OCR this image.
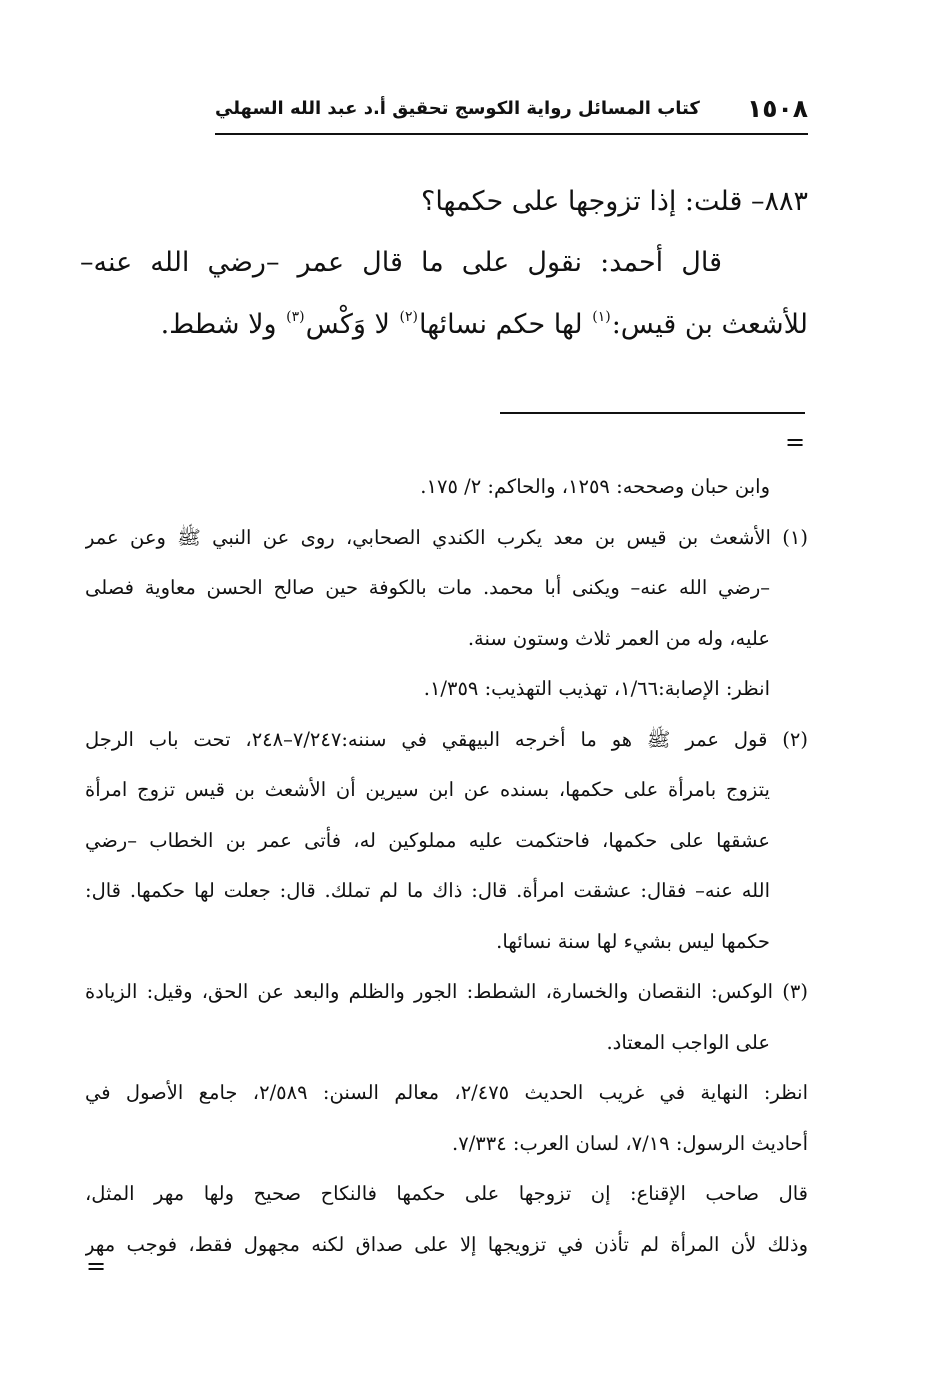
١٥٠٨
كتاب المسائل رواية الكوسج تحقيق أ.د عبد الله السهلي
٨٨٣– قلت: إذا تزوجها على حكمها؟

قال أحمد: نقول على ما قال عمر –رضي الله عنه– للأشعث بن قيس:$^{(١)}$ لها حكم نسائها$^{(٢)}$ لا وَكْس$^{(٣)}$ ولا شطط.

=
وابن حبان وصححه: ١٢٥٩، والحاكم: ٢/ ١٧٥.
(١) الأشعث بن قيس بن معد يكرب الكندي الصحابي، روى عن النبي ﷺ وعن عمر
–رضي الله عنه– ويكنى أبا محمد. مات بالكوفة حين صالح الحسن معاوية فصلى
عليه، وله من العمر ثلاث وستون سنة.
انظر: الإصابة:١/٦٦، تهذيب التهذيب: ١/٣٥٩.
(٢) قول عمر ﷺ هو ما أخرجه البيهقي في سننه:٧/٢٤٧–٢٤٨، تحت باب الرجل
يتزوج بامرأة على حكمها، بسنده عن ابن سيرين أن الأشعث بن قيس تزوج امرأة
عشقها على حكمها، فاحتكمت عليه مملوكين له، فأتى عمر بن الخطاب –رضي
الله عنه– فقال: عشقت امرأة. قال: ذاك ما لم تملك. قال: جعلت لها حكمها. قال:
حكمها ليس بشيء لها سنة نسائها.
(٣) الوكس: النقصان والخسارة، الشطط: الجور والظلم والبعد عن الحق، وقيل: الزيادة
على الواجب المعتاد.
انظر: النهاية في غريب الحديث ٢/٤٧٥، معالم السنن: ٢/٥٨٩، جامع الأصول في
أحاديث الرسول: ٧/١٩، لسان العرب: ٧/٣٣٤.
قال صاحب الإقناع: إن تزوجها على حكمها فالنكاح صحيح ولها مهر المثل،
وذلك لأن المرأة لم تأذن في تزويجها إلا على صداق لكنه مجهول فقط، فوجب مهر
=
